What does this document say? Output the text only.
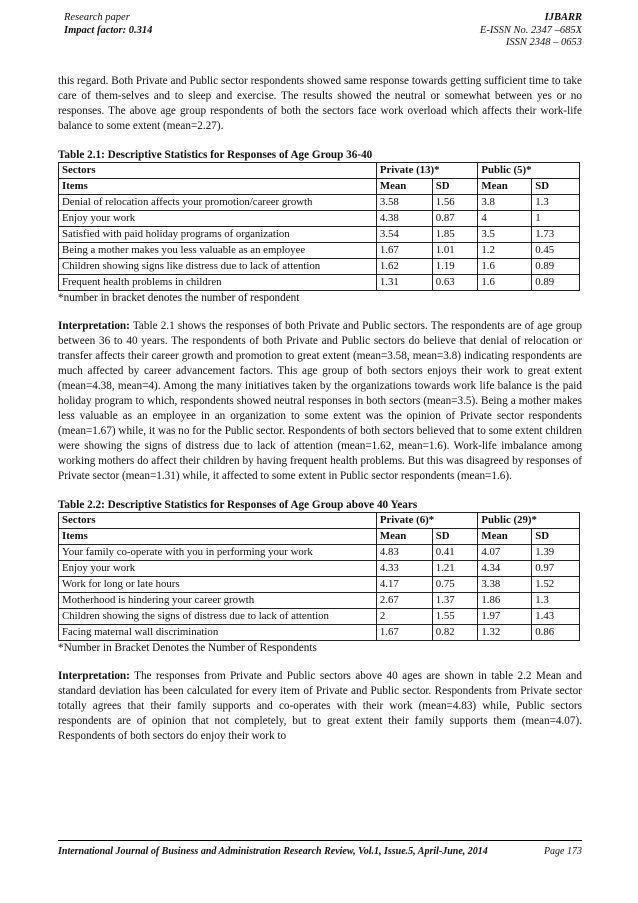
Research paper
Impact factor: 0.314
IJBARR
E-ISSN No. 2347 –685X
ISSN 2348 – 0653

this regard. Both Private and Public sector respondents showed same response towards getting sufficient time to take care of them-selves and to sleep and exercise. The results showed the neutral or somewhat between yes or no responses. The above age group respondents of both the sectors face work overload which affects their work-life balance to some extent (mean=2.27).

Table 2.1: Descriptive Statistics for Responses of Age Group 36-40
Sectors	Private (13)*		Public (5)*	
Items	Mean	SD	Mean	SD
Denial of relocation affects your promotion/career growth	3.58	1.56	3.8	1.3
Enjoy your work	4.38	0.87	4	1
Satisfied with paid holiday programs of organization	3.54	1.85	3.5	1.73
Being a mother makes you less valuable as an employee	1.67	1.01	1.2	0.45
Children showing signs like distress due to lack of attention	1.62	1.19	1.6	0.89
Frequent health problems in children	1.31	0.63	1.6	0.89
*number in bracket denotes the number of respondent

Interpretation: Table 2.1 shows the responses of both Private and Public sectors. The respondents are of age group between 36 to 40 years. The respondents of both Private and Public sectors do believe that denial of relocation or transfer affects their career growth and promotion to great extent (mean=3.58, mean=3.8) indicating respondents are much affected by career advancement factors. This age group of both sectors enjoys their work to great extent (mean=4.38, mean=4). Among the many initiatives taken by the organizations towards work life balance is the paid holiday program to which, respondents showed neutral responses in both sectors (mean=3.5). Being a mother makes less valuable as an employee in an organization to some extent was the opinion of Private sector respondents (mean=1.67) while, it was no for the Public sector. Respondents of both sectors believed that to some extent children were showing the signs of distress due to lack of attention (mean=1.62, mean=1.6). Work-life imbalance among working mothers do affect their children by having frequent health problems. But this was disagreed by responses of Private sector (mean=1.31) while, it affected to some extent in Public sector respondents (mean=1.6).

Table 2.2: Descriptive Statistics for Responses of Age Group above 40 Years
Sectors	Private (6)*		Public (29)*	
Items	Mean	SD	Mean	SD
Your family co-operate with you in performing your work	4.83	0.41	4.07	1.39
Enjoy your work	4.33	1.21	4.34	0.97
Work for long or late hours	4.17	0.75	3.38	1.52
Motherhood is hindering your career growth	2.67	1.37	1.86	1.3
Children showing the signs of distress due to lack of attention	2	1.55	1.97	1.43
Facing maternal wall discrimination	1.67	0.82	1.32	0.86
*Number in Bracket Denotes the Number of Respondents

Interpretation: The responses from Private and Public sectors above 40 ages are shown in table 2.2 Mean and standard deviation has been calculated for every item of Private and Public sector. Respondents from Private sector totally agrees that their family supports and co-operates with their work (mean=4.83) while, Public sectors respondents are of opinion that not completely, but to great extent their family supports them (mean=4.07). Respondents of both sectors do enjoy their work to

International Journal of Business and Administration Research Review, Vol.1, Issue.5, April-June, 2014	Page 173
